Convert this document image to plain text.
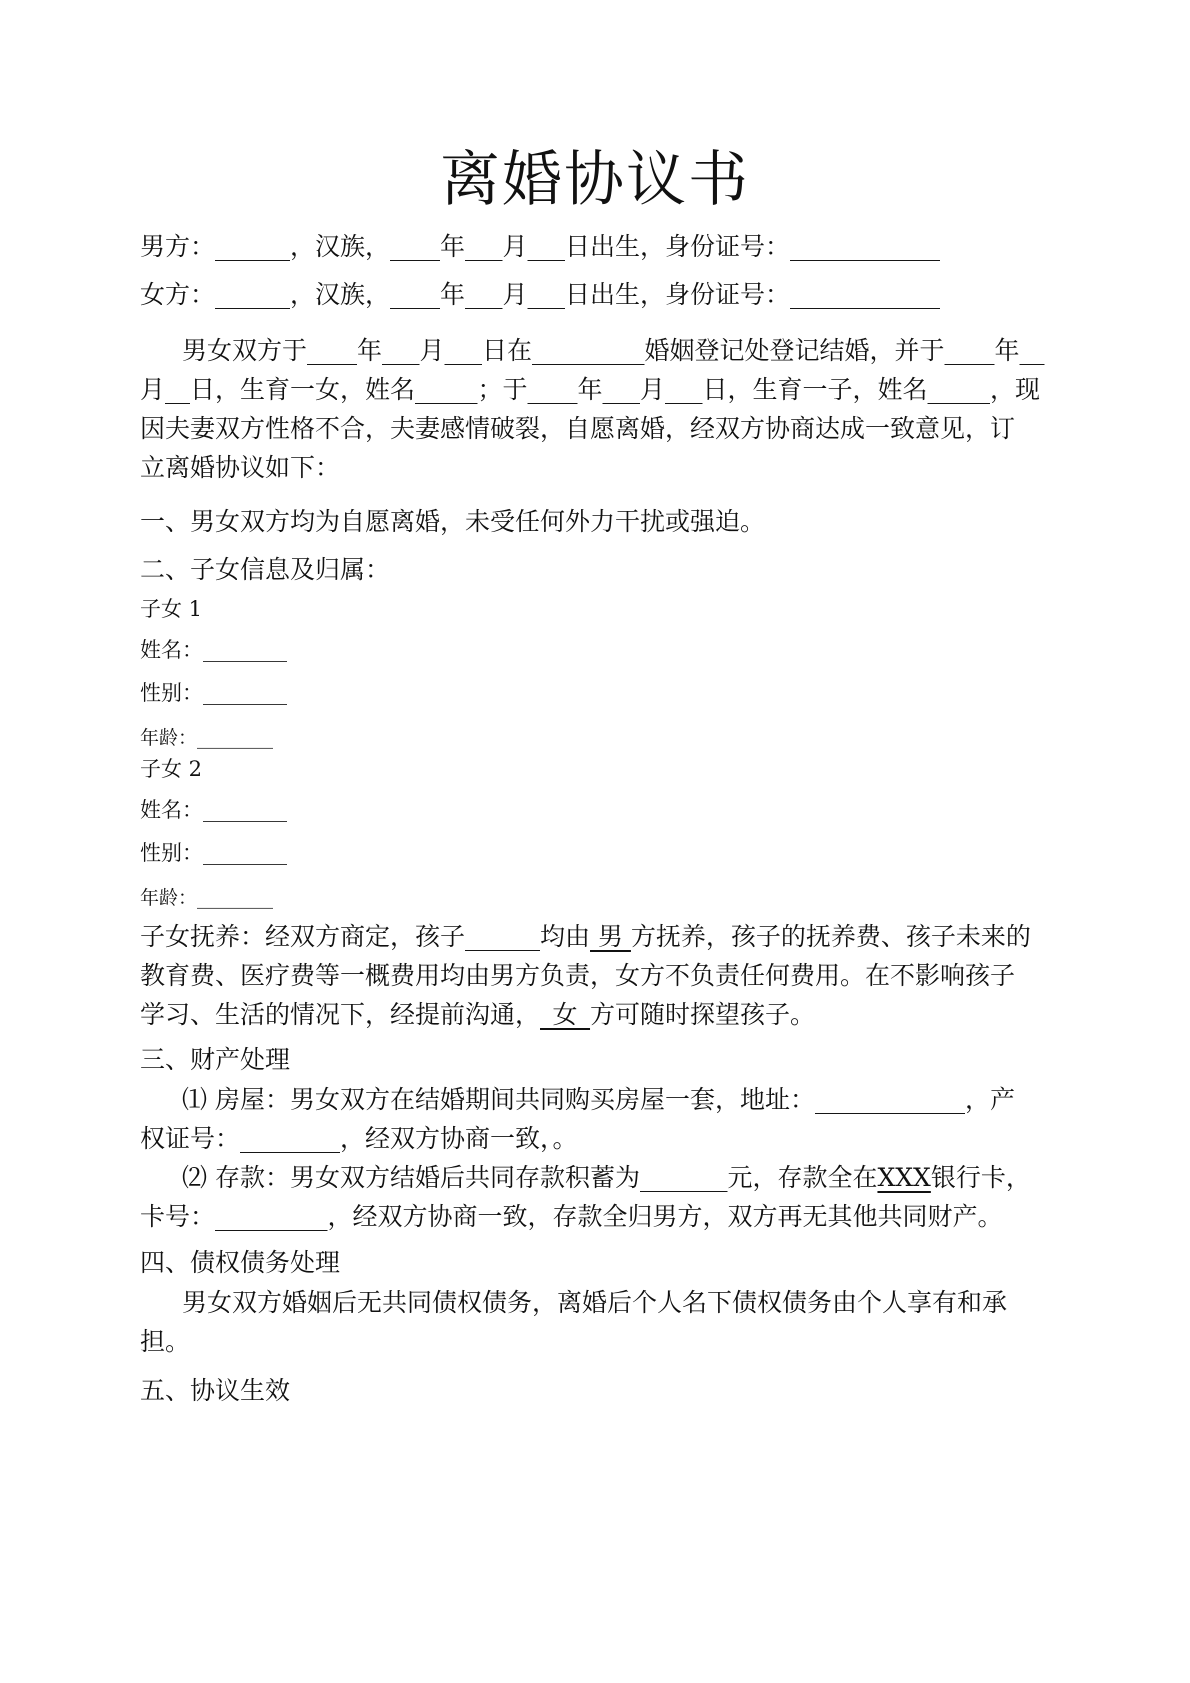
离婚协议书
男方：______，汉族，____年___月___日出生，身份证号：____________
女方：______，汉族，____年___月___日出生，身份证号：____________
男女双方于____年___月___日在_________婚姻登记处登记结婚，并于____年__
月__日，生育一女，姓名_____；于____年___月___日，生育一子，姓名_____，现
因夫妻双方性格不合，夫妻感情破裂，自愿离婚，经双方协商达成一致意见，订
立离婚协议如下：
一、男女双方均为自愿离婚，未受任何外力干扰或强迫。
二、子女信息及归属：
子女 1
姓名：________
性别：________
年龄：________
子女 2
姓名：________
性别：________
年龄：________
子女抚养：经双方商定，孩子______均由 男 方抚养，孩子的抚养费、孩子未来的
教育费、医疗费等一概费用均由男方负责，女方不负责任何费用。在不影响孩子
学习、生活的情况下，经提前沟通，_女_方可随时探望孩子。
三、财产处理
⑴ 房屋：男女双方在结婚期间共同购买房屋一套，地址：____________，产
权证号：________，经双方协商一致，。
⑵ 存款：男女双方结婚后共同存款积蓄为_______元，存款全在XXX银行卡，
卡号：_________，经双方协商一致，存款全归男方，双方再无其他共同财产。
四、债权债务处理
男女双方婚姻后无共同债权债务，离婚后个人名下债权债务由个人享有和承
担。
五、协议生效
